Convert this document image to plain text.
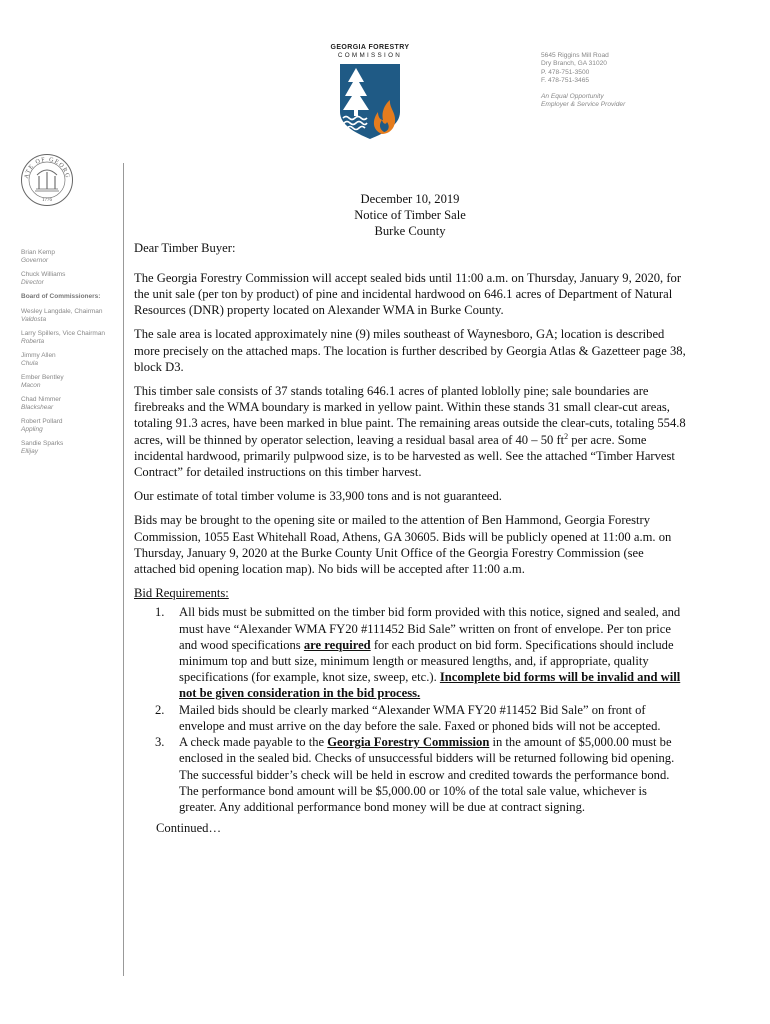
GEORGIA FORESTRY
COMMISSION	5645 Riggins Mill Road
Dry Branch, GA 31020
P. 478-751-3500
F. 478-751-3465
An Equal Opportunity
Employer & Service Provider
ATE OF GEORG
1776
Brian Kemp
Governor
Chuck Williams
Director
Board of Commissioners:
Wesley Langdale, Chairman
Valdosta
Larry Spillers, Vice Chairman
Roberta
Jimmy Allen
Chula
Ember Bentley
Macon
Chad Nimmer
Blackshear
Robert Pollard
Appling
Sandie Sparks
Ellijay
December 10, 2019
Notice of Timber Sale
Burke County

Dear Timber Buyer:

The Georgia Forestry Commission will accept sealed bids until 11:00 a.m. on Thursday, January 9, 2020, for the unit sale (per ton by product) of pine and incidental hardwood on 646.1 acres of Department of Natural Resources (DNR) property located on Alexander WMA in Burke County.

The sale area is located approximately nine (9) miles southeast of Waynesboro, GA; location is described more precisely on the attached maps. The location is further described by Georgia Atlas & Gazetteer page 38, block D3.

This timber sale consists of 37 stands totaling 646.1 acres of planted loblolly pine; sale boundaries are firebreaks and the WMA boundary is marked in yellow paint. Within these stands 31 small clear-cut areas, totaling 91.3 acres, have been marked in blue paint. The remaining areas outside the clear-cuts, totaling 554.8 acres, will be thinned by operator selection, leaving a residual basal area of 40 – 50 $ft^2$ per acre. Some incidental hardwood, primarily pulpwood size, is to be harvested as well. See the attached “Timber Harvest Contract” for detailed instructions on this timber harvest.

Our estimate of total timber volume is 33,900 tons and is not guaranteed.

Bids may be brought to the opening site or mailed to the attention of Ben Hammond, Georgia Forestry Commission, 1055 East Whitehall Road, Athens, GA 30605. Bids will be publicly opened at 11:00 a.m. on Thursday, January 9, 2020 at the Burke County Unit Office of the Georgia Forestry Commission (see attached bid opening location map). No bids will be accepted after 11:00 a.m.

Bid Requirements:

1. All bids must be submitted on the timber bid form provided with this notice, signed and sealed, and must have “Alexander WMA FY20 #111452 Bid Sale” written on front of envelope. Per ton price and wood specifications are required for each product on bid form. Specifications should include minimum top and butt size, minimum length or measured lengths, and, if appropriate, quality specifications (for example, knot size, sweep, etc.). Incomplete bid forms will be invalid and will not be given consideration in the bid process.
2. Mailed bids should be clearly marked “Alexander WMA FY20 #11452 Bid Sale” on front of envelope and must arrive on the day before the sale. Faxed or phoned bids will not be accepted.
3. A check made payable to the Georgia Forestry Commission in the amount of $5,000.00 must be enclosed in the sealed bid. Checks of unsuccessful bidders will be returned following bid opening. The successful bidder’s check will be held in escrow and credited towards the performance bond. The performance bond amount will be $5,000.00 or 10% of the total sale value, whichever is greater. Any additional performance bond money will be due at contract signing.

Continued…
